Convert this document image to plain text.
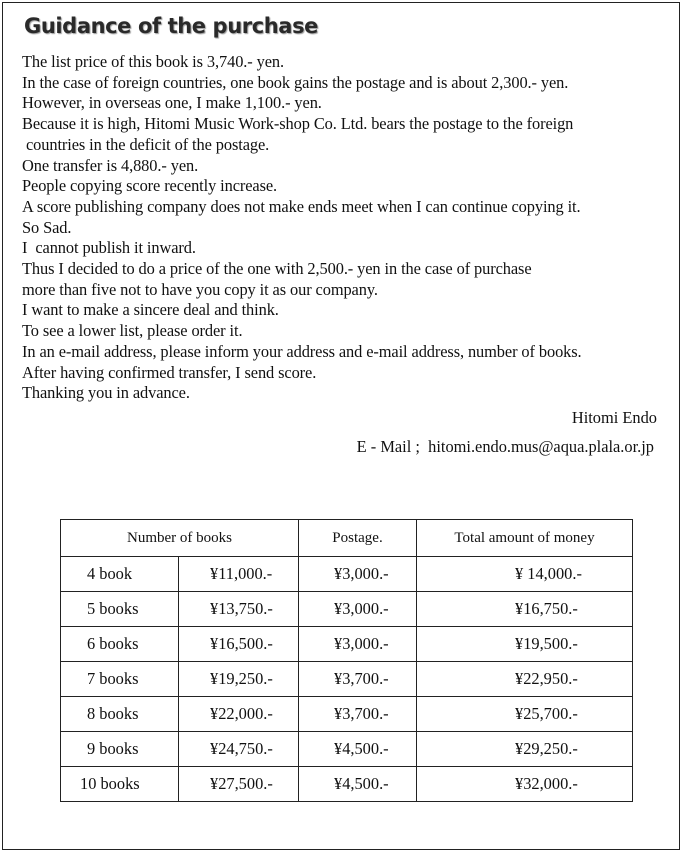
Guidance of the purchase
The list price of this book is 3,740.- yen.
In the case of foreign countries, one book gains the postage and is about 2,300.- yen.
However, in overseas one, I make 1,100.- yen.
Because it is high, Hitomi Music Work-shop Co. Ltd. bears the postage to the foreign
countries in the deficit of the postage.
One transfer is 4,880.- yen.
People copying score recently increase.
A score publishing company does not make ends meet when I can continue copying it.
So Sad.
I  cannot publish it inward.
Thus I decided to do a price of the one with 2,500.- yen in the case of purchase
more than five not to have you copy it as our company.
I want to make a sincere deal and think.
To see a lower list, please order it.
In an e-mail address, please inform your address and e-mail address, number of books.
After having confirmed transfer, I send score.
Thanking you in advance.
Hitomi Endo
E - Mail ;  hitomi.endo.mus@aqua.plala.or.jp
Number of books		Postage.	Total amount of money
4 book	¥11,000.-	¥3,000.-	¥ 14,000.-
5 books	¥13,750.-	¥3,000.-	¥16,750.-
6 books	¥16,500.-	¥3,000.-	¥19,500.-
7 books	¥19,250.-	¥3,700.-	¥22,950.-
8 books	¥22,000.-	¥3,700.-	¥25,700.-
9 books	¥24,750.-	¥4,500.-	¥29,250.-
10 books	¥27,500.-	¥4,500.-	¥32,000.-
